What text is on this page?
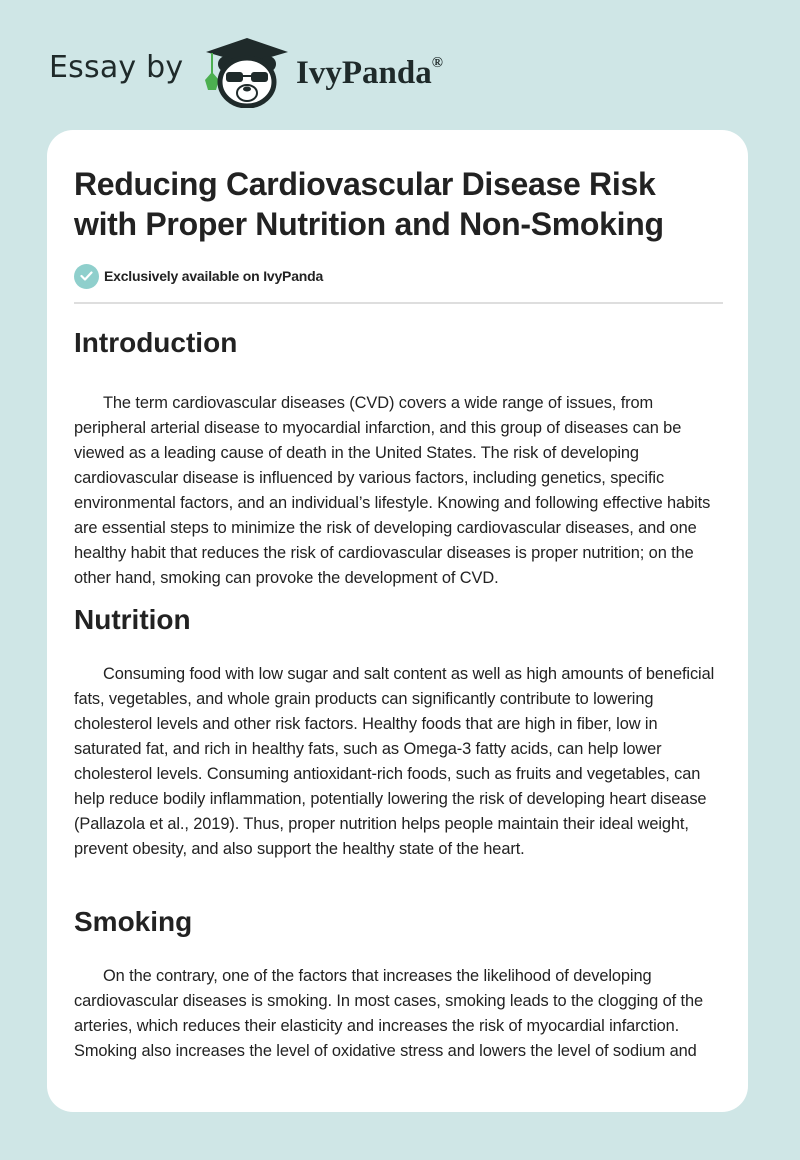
Essay by	IvyPanda®
Reducing Cardiovascular Disease Risk with Proper Nutrition and Non-Smoking
Exclusively available on IvyPanda
Introduction

The term cardiovascular diseases (CVD) covers a wide range of issues, from peripheral arterial disease to myocardial infarction, and this group of diseases can be viewed as a leading cause of death in the United States. The risk of developing cardiovascular disease is influenced by various factors, including genetics, specific environmental factors, and an individual’s lifestyle. Knowing and following effective habits are essential steps to minimize the risk of developing cardiovascular diseases, and one healthy habit that reduces the risk of cardiovascular diseases is proper nutrition; on the other hand, smoking can provoke the development of CVD.

Nutrition

Consuming food with low sugar and salt content as well as high amounts of beneficial fats, vegetables, and whole grain products can significantly contribute to lowering cholesterol levels and other risk factors. Healthy foods that are high in fiber, low in saturated fat, and rich in healthy fats, such as Omega-3 fatty acids, can help lower cholesterol levels. Consuming antioxidant-rich foods, such as fruits and vegetables, can help reduce bodily inflammation, potentially lowering the risk of developing heart disease (Pallazola et al., 2019). Thus, proper nutrition helps people maintain their ideal weight, prevent obesity, and also support the healthy state of the heart.

Smoking

On the contrary, one of the factors that increases the likelihood of developing cardiovascular diseases is smoking. In most cases, smoking leads to the clogging of the arteries, which reduces their elasticity and increases the risk of myocardial infarction. Smoking also increases the level of oxidative stress and lowers the level of sodium and
